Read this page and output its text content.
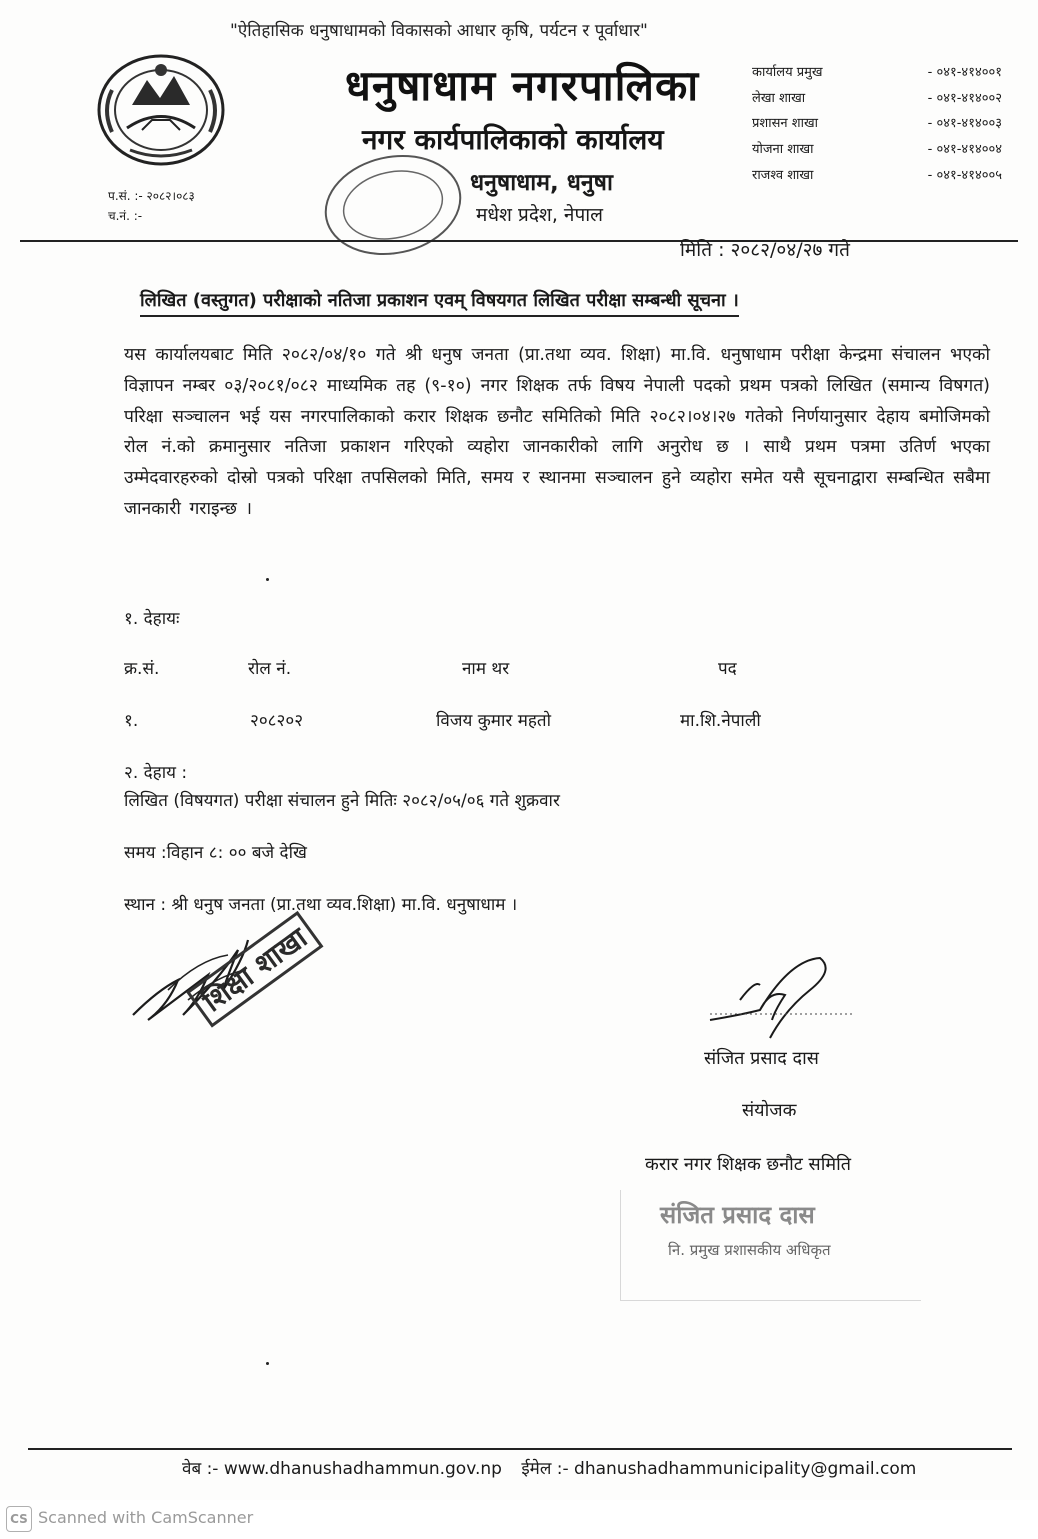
"ऐतिहासिक धनुषाधामको विकासको आधार कृषि, पर्यटन र पूर्वाधार"
धनुषाधाम नगरपालिका
नगर कार्यपालिकाको कार्यालय
धनुषाधाम, धनुषा
मधेश प्रदेश, नेपाल
कार्यालय प्रमुख	- ०४१-४१४००१
लेखा शाखा	- ०४१-४१४००२
प्रशासन शाखा	- ०४१-४१४००३
योजना शाखा	- ०४१-४१४००४
राजश्व शाखा	- ०४१-४१४००५
प.सं. :- २०८२।०८३
च.नं. :-
मिति : २०८२/०४/२७ गते
लिखित (वस्तुगत) परीक्षाको नतिजा प्रकाशन एवम् विषयगत लिखित परीक्षा सम्बन्धी सूचना ।
यस कार्यालयबाट मिति २०८२/०४/१० गते श्री धनुष जनता (प्रा.तथा व्यव. शिक्षा) मा.वि. धनुषाधाम परीक्षा केन्द्रमा संचालन भएको विज्ञापन नम्बर ०३/२०८१/०८२ माध्यमिक तह (९-१०) नगर शिक्षक तर्फ विषय नेपाली पदको प्रथम पत्रको लिखित (समान्य विषगत) परिक्षा सञ्चालन भई यस नगरपालिकाको करार शिक्षक छनौट समितिको मिति २०८२।०४।२७ गतेको निर्णयानुसार देहाय बमोजिमको रोल नं.को क्रमानुसार नतिजा प्रकाशन गरिएको व्यहोरा जानकारीको लागि अनुरोध छ । साथै प्रथम पत्रमा उतिर्ण भएका उम्मेदवारहरुको दोस्रो पत्रको परिक्षा तपसिलको मिति, समय र स्थानमा सञ्चालन हुने व्यहोरा समेत यसै सूचनाद्वारा सम्बन्धित सबैमा जानकारी गराइन्छ ।
१. देहायः
क्र.सं.	रोल नं.	नाम थर	पद
१.	२०८२०२	विजय कुमार महतो	मा.शि.नेपाली
२. देहाय :
लिखित (विषयगत) परीक्षा संचालन हुने मितिः २०८२/०५/०६ गते शुक्रवार
समय :विहान ८: ०० बजे देखि
स्थान : श्री धनुष जनता (प्रा.तथा व्यव.शिक्षा) मा.वि. धनुषाधाम ।
शिक्षा शाखा
संजित प्रसाद दास
संयोजक
करार नगर शिक्षक छनौट समिति
संजित प्रसाद दास
नि. प्रमुख प्रशासकीय अधिकृत
वेब :- www.dhanushadhammun.gov.np ईमेल :- dhanushadhammunicipality@gmail.com
CS Scanned with CamScanner
